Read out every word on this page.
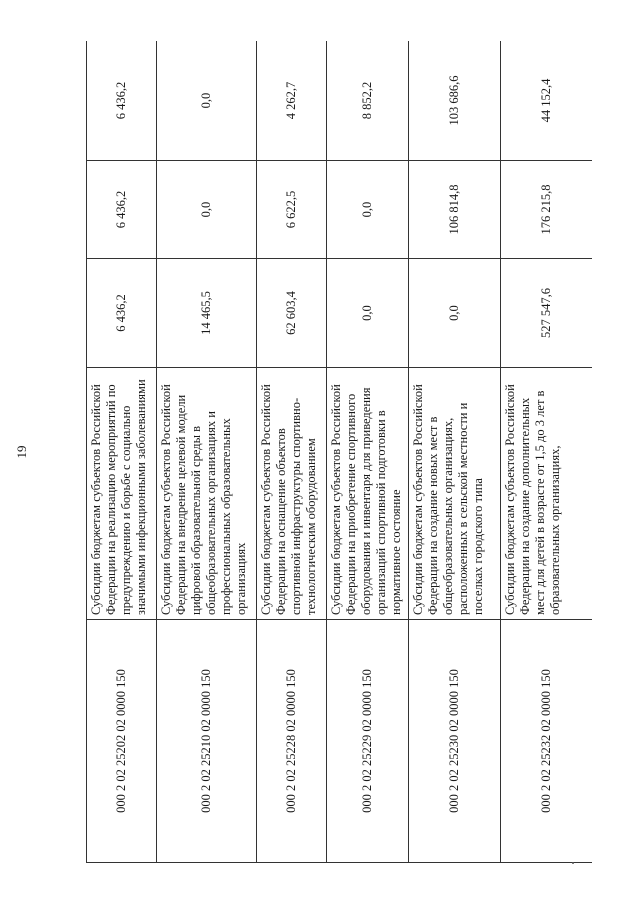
19
000 2 02 25202 02 0000 150	Субсидии бюджетам субъектов Российской Федерации на реализацию мероприятий по предупреждению и борьбе с социально значимыми инфекционными заболеваниями	6 436,2	6 436,2	6 436,2
000 2 02 25210 02 0000 150	Субсидии бюджетам субъектов Российской Федерации на внедрение целевой модели цифровой образовательной среды в общеобразовательных организациях и профессиональных образовательных организациях	14 465,5	0,0	0,0
000 2 02 25228 02 0000 150	Субсидии бюджетам субъектов Российской Федерации на оснащение объектов спортивной инфраструктуры спортивно-технологическим оборудованием	62 603,4	6 622,5	4 262,7
000 2 02 25229 02 0000 150	Субсидии бюджетам субъектов Российской Федерации на приобретение спортивного оборудования и инвентаря для приведения организаций спортивной подготовки в нормативное состояние	0,0	0,0	8 852,2
000 2 02 25230 02 0000 150	Субсидии бюджетам субъектов Российской Федерации на создание новых мест в общеобразовательных организациях, расположенных в сельской местности и поселках городского типа	0,0	106 814,8	103 686,6
000 2 02 25232 02 0000 150	Субсидии бюджетам субъектов Российской Федерации на создание дополнительных мест для детей в возрасте от 1,5 до 3 лет в образовательных организациях,	527 547,6	176 215,8	44 152,4
